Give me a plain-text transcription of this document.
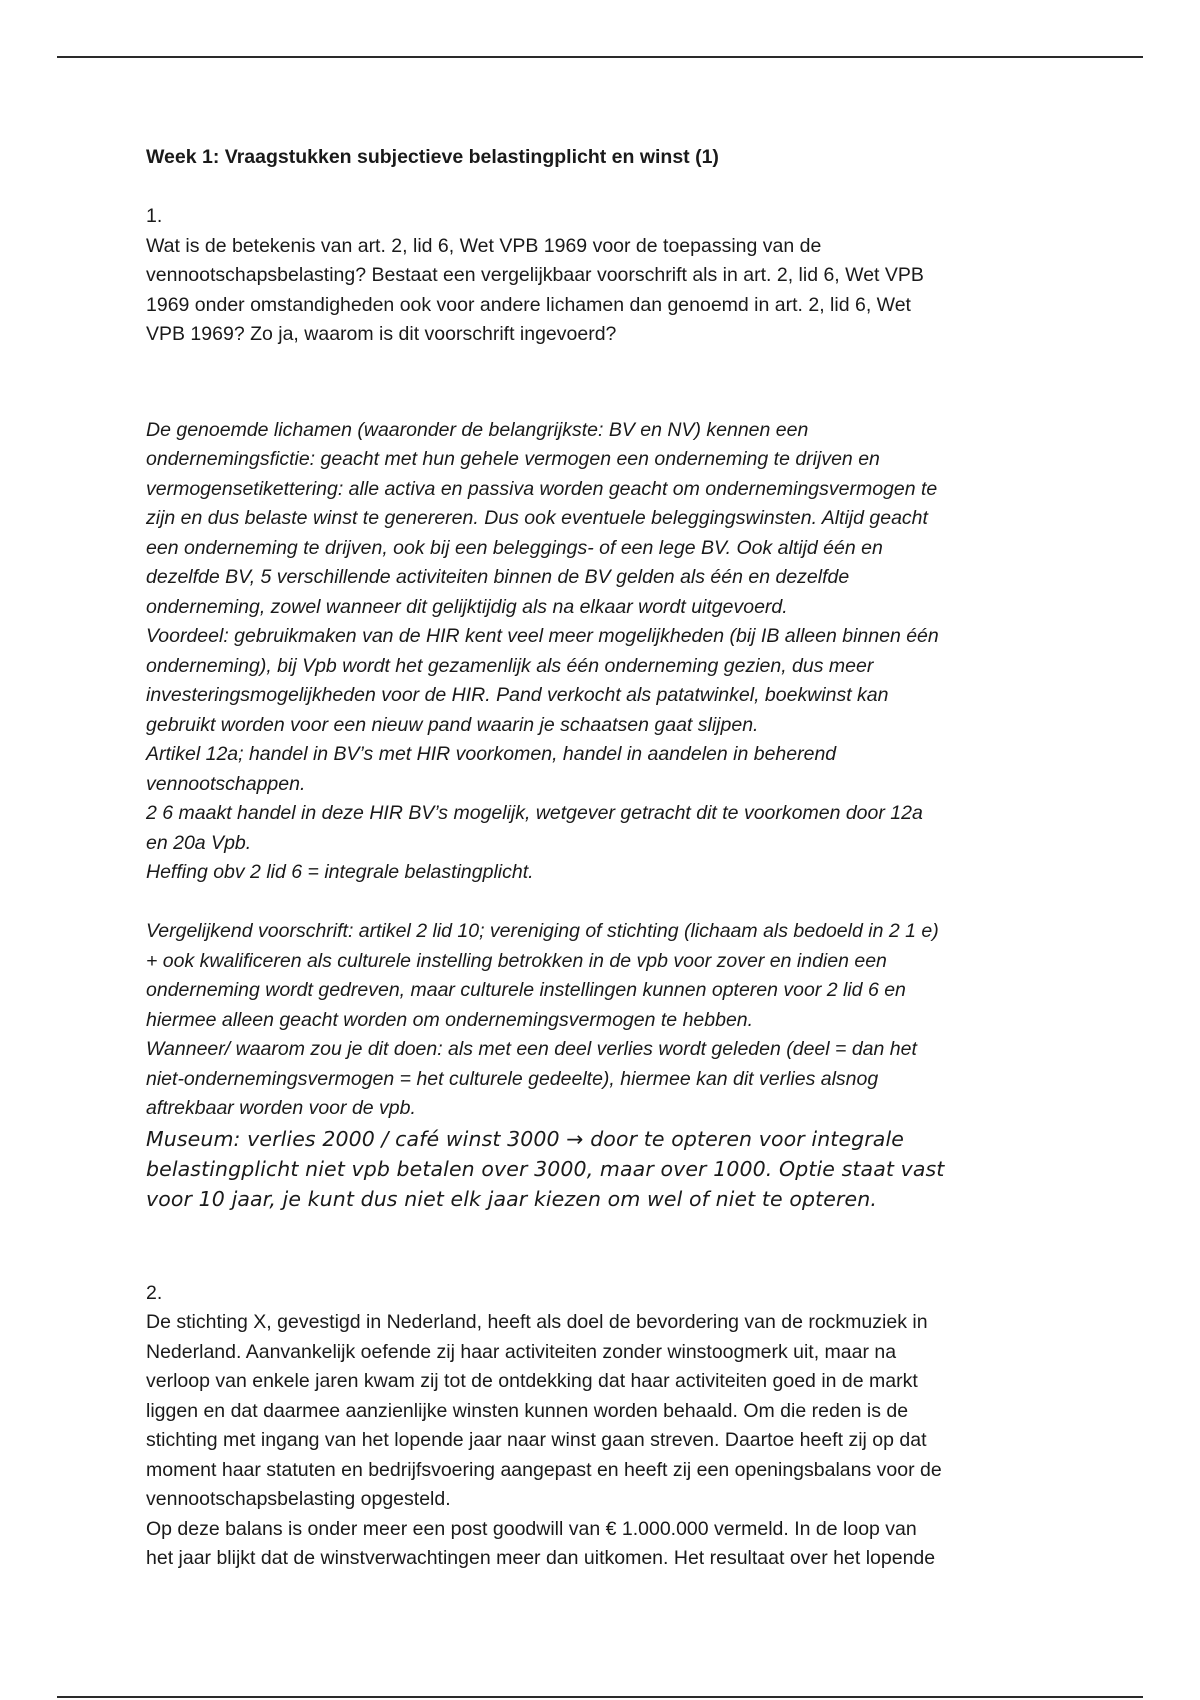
Week 1: Vraagstukken subjectieve belastingplicht en winst (1)

1.

Wat is de betekenis van art. 2, lid 6, Wet VPB 1969 voor de toepassing van de
vennootschapsbelasting? Bestaat een vergelijkbaar voorschrift als in art. 2, lid 6, Wet VPB
1969 onder omstandigheden ook voor andere lichamen dan genoemd in art. 2, lid 6, Wet
VPB 1969? Zo ja, waarom is dit voorschrift ingevoerd?

De genoemde lichamen (waaronder de belangrijkste: BV en NV) kennen een
ondernemingsfictie: geacht met hun gehele vermogen een onderneming te drijven en
vermogensetikettering: alle activa en passiva worden geacht om ondernemingsvermogen te
zijn en dus belaste winst te genereren. Dus ook eventuele beleggingswinsten. Altijd geacht
een onderneming te drijven, ook bij een beleggings- of een lege BV. Ook altijd één en
dezelfde BV, 5 verschillende activiteiten binnen de BV gelden als één en dezelfde
onderneming, zowel wanneer dit gelijktijdig als na elkaar wordt uitgevoerd.
Voordeel: gebruikmaken van de HIR kent veel meer mogelijkheden (bij IB alleen binnen één
onderneming), bij Vpb wordt het gezamenlijk als één onderneming gezien, dus meer
investeringsmogelijkheden voor de HIR. Pand verkocht als patatwinkel, boekwinst kan
gebruikt worden voor een nieuw pand waarin je schaatsen gaat slijpen.
Artikel 12a; handel in BV’s met HIR voorkomen, handel in aandelen in beherend
vennootschappen.
2 6 maakt handel in deze HIR BV’s mogelijk, wetgever getracht dit te voorkomen door 12a
en 20a Vpb.
Heffing obv 2 lid 6 = integrale belastingplicht.

Vergelijkend voorschrift: artikel 2 lid 10; vereniging of stichting (lichaam als bedoeld in 2 1 e)
+ ook kwalificeren als culturele instelling betrokken in de vpb voor zover en indien een
onderneming wordt gedreven, maar culturele instellingen kunnen opteren voor 2 lid 6 en
hiermee alleen geacht worden om ondernemingsvermogen te hebben.
Wanneer/ waarom zou je dit doen: als met een deel verlies wordt geleden (deel = dan het
niet-ondernemingsvermogen = het culturele gedeelte), hiermee kan dit verlies alsnog
aftrekbaar worden voor de vpb.

Museum: verlies 2000 / café winst 3000 → door te opteren voor integrale
belastingplicht niet vpb betalen over 3000, maar over 1000. Optie staat vast
voor 10 jaar, je kunt dus niet elk jaar kiezen om wel of niet te opteren.

2.

De stichting X, gevestigd in Nederland, heeft als doel de bevordering van de rockmuziek in
Nederland. Aanvankelijk oefende zij haar activiteiten zonder winstoogmerk uit, maar na
verloop van enkele jaren kwam zij tot de ontdekking dat haar activiteiten goed in de markt
liggen en dat daarmee aanzienlijke winsten kunnen worden behaald. Om die reden is de
stichting met ingang van het lopende jaar naar winst gaan streven. Daartoe heeft zij op dat
moment haar statuten en bedrijfsvoering aangepast en heeft zij een openingsbalans voor de
vennootschapsbelasting opgesteld.
Op deze balans is onder meer een post goodwill van € 1.000.000 vermeld. In de loop van
het jaar blijkt dat de winstverwachtingen meer dan uitkomen. Het resultaat over het lopende
